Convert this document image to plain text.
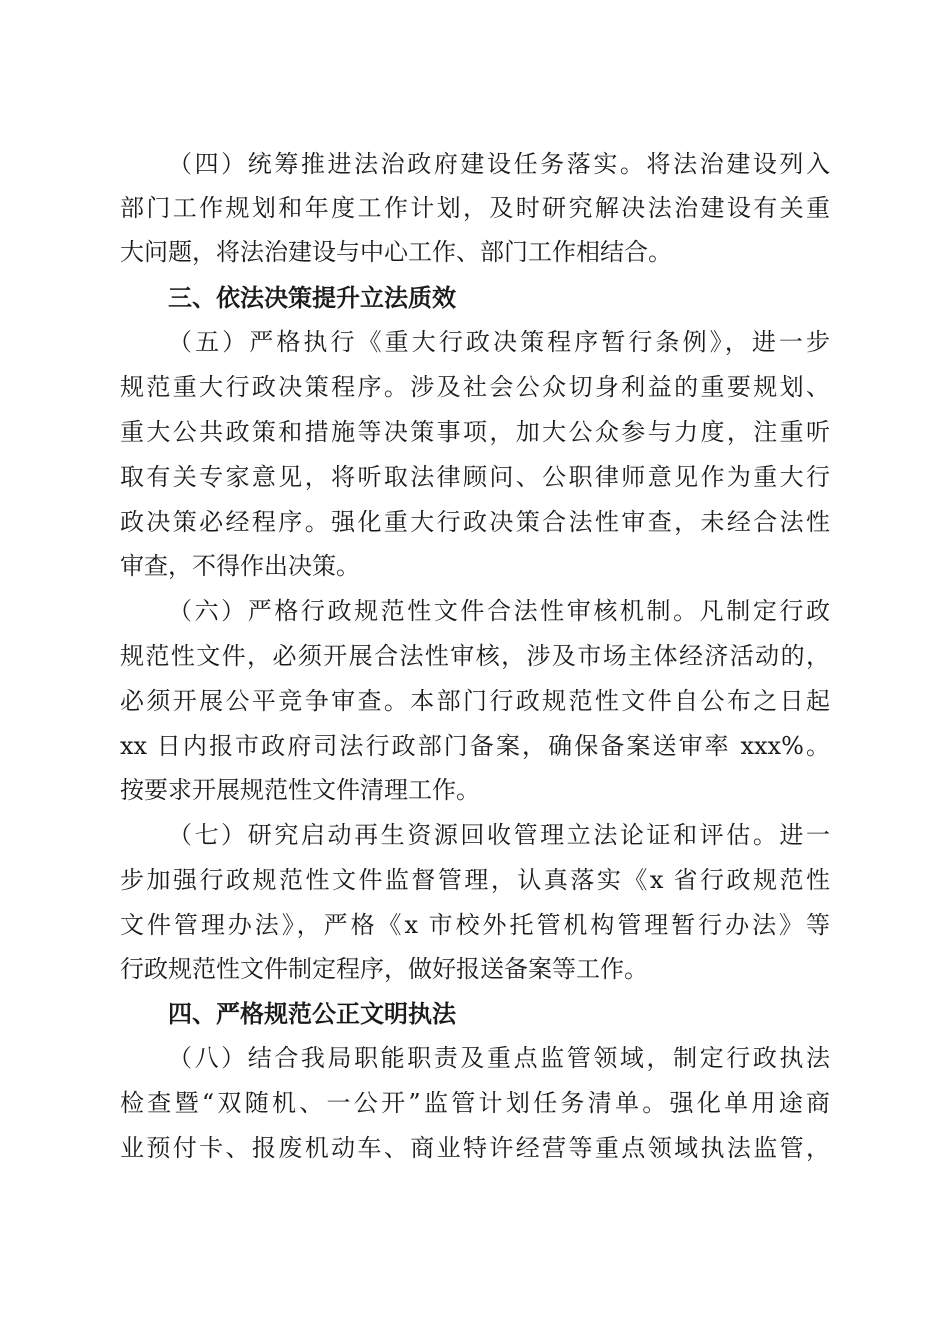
（四）统筹推进法治政府建设任务落实。将法治建设列入
部门工作规划和年度工作计划，及时研究解决法治建设有关重
大问题，将法治建设与中心工作、部门工作相结合。
三、依法决策提升立法质效
（五）严格执行《重大行政决策程序暂行条例》，进一步
规范重大行政决策程序。涉及社会公众切身利益的重要规划、
重大公共政策和措施等决策事项，加大公众参与力度，注重听
取有关专家意见，将听取法律顾问、公职律师意见作为重大行
政决策必经程序。强化重大行政决策合法性审查，未经合法性
审查，不得作出决策。
（六）严格行政规范性文件合法性审核机制。凡制定行政
规范性文件，必须开展合法性审核，涉及市场主体经济活动的，
必须开展公平竞争审查。本部门行政规范性文件自公布之日起
xx 日内报市政府司法行政部门备案，确保备案送审率 xxx%。
按要求开展规范性文件清理工作。
（七）研究启动再生资源回收管理立法论证和评估。进一
步加强行政规范性文件监督管理，认真落实《x 省行政规范性
文件管理办法》，严格《x 市校外托管机构管理暂行办法》等
行政规范性文件制定程序，做好报送备案等工作。
四、严格规范公正文明执法
（八）结合我局职能职责及重点监管领域，制定行政执法
检查暨“双随机、一公开”监管计划任务清单。强化单用途商
业预付卡、报废机动车、商业特许经营等重点领域执法监管，
